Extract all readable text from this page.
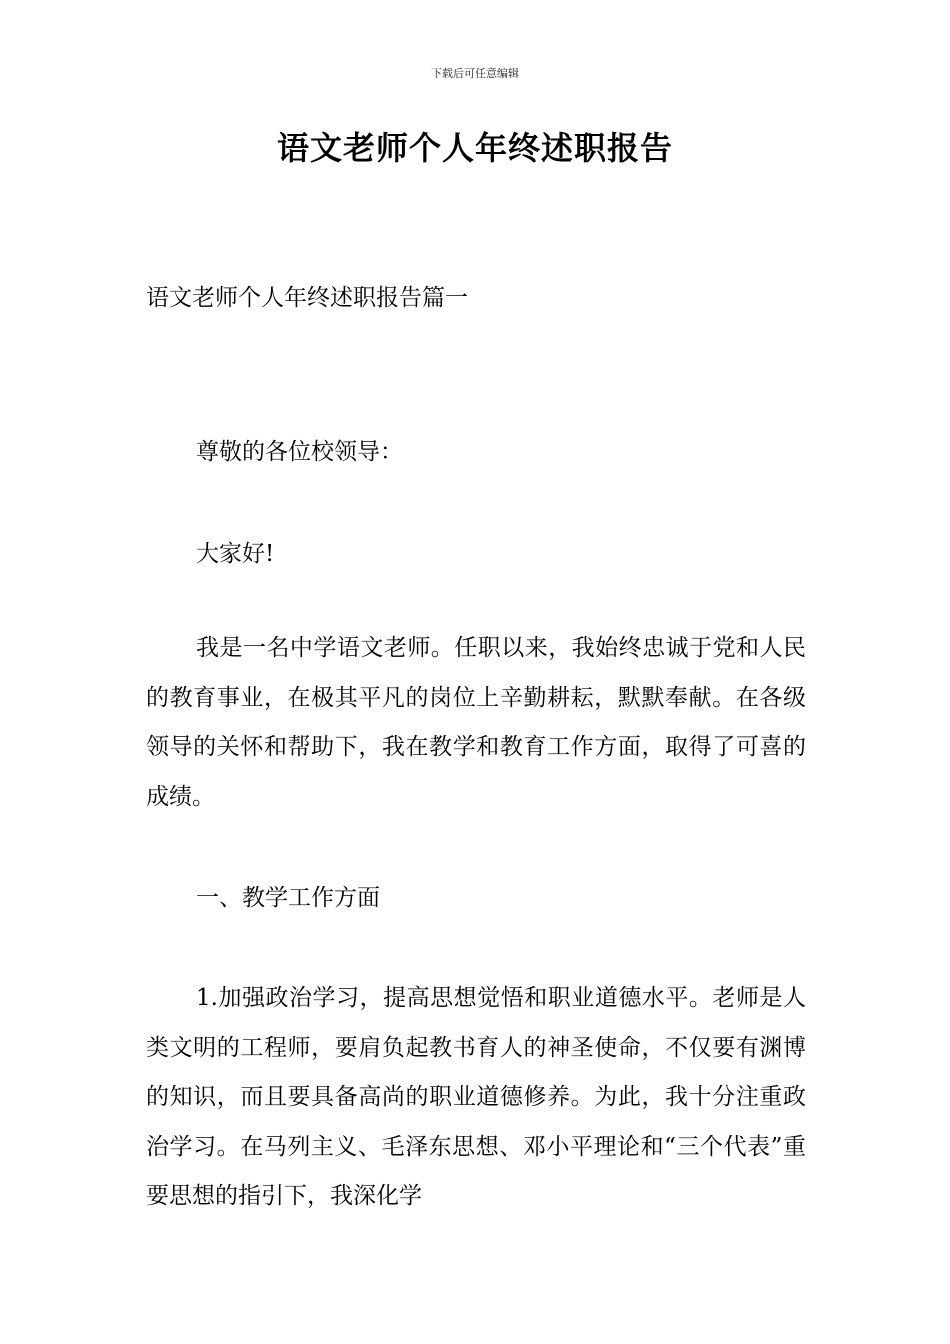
下载后可任意编辑
语文老师个人年终述职报告
语文老师个人年终述职报告篇一

尊敬的各位校领导：

大家好!

我是一名中学语文老师。任职以来，我始终忠诚于党和人民的教育事业，在极其平凡的岗位上辛勤耕耘，默默奉献。在各级领导的关怀和帮助下，我在教学和教育工作方面，取得了可喜的成绩。

一、教学工作方面

1.加强政治学习，提高思想觉悟和职业道德水平。老师是人类文明的工程师，要肩负起教书育人的神圣使命，不仅要有渊博的知识，而且要具备高尚的职业道德修养。为此，我十分注重政治学习。在马列主义、毛泽东思想、邓小平理论和“三个代表”重要思想的指引下，我深化学
